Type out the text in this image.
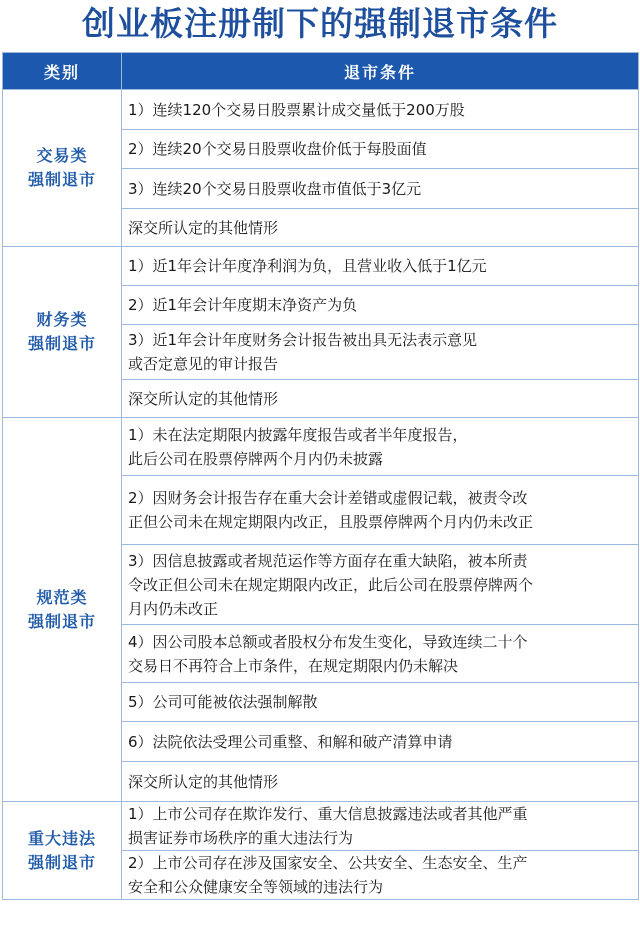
创业板注册制下的强制退市条件
类别	退市条件

交易类
强制退市	1）连续120个交易日股票累计成交量低于200万股

	2）连续20个交易日股票收盘价低于每股面值

	3）连续20个交易日股票收盘市值低于3亿元

	深交所认定的其他情形

财务类
强制退市	1）近1年会计年度净利润为负，且营业收入低于1亿元

	2）近1年会计年度期末净资产为负

	3）近1年会计年度财务会计报告被出具无法表示意见
或否定意见的审计报告

	深交所认定的其他情形

规范类
强制退市	1）未在法定期限内披露年度报告或者半年度报告，
此后公司在股票停牌两个月内仍未披露

	2）因财务会计报告存在重大会计差错或虚假记载，被责令改
正但公司未在规定期限内改正，且股票停牌两个月内仍未改正

	3）因信息披露或者规范运作等方面存在重大缺陷，被本所责
令改正但公司未在规定期限内改正，此后公司在股票停牌两个
月内仍未改正

	4）因公司股本总额或者股权分布发生变化，导致连续二十个
交易日不再符合上市条件，在规定期限内仍未解决

	5）公司可能被依法强制解散

	6）法院依法受理公司重整、和解和破产清算申请

	深交所认定的其他情形

重大违法
强制退市	1）上市公司存在欺诈发行、重大信息披露违法或者其他严重
损害证券市场秩序的重大违法行为

	2）上市公司存在涉及国家安全、公共安全、生态安全、生产
安全和公众健康安全等领域的违法行为
